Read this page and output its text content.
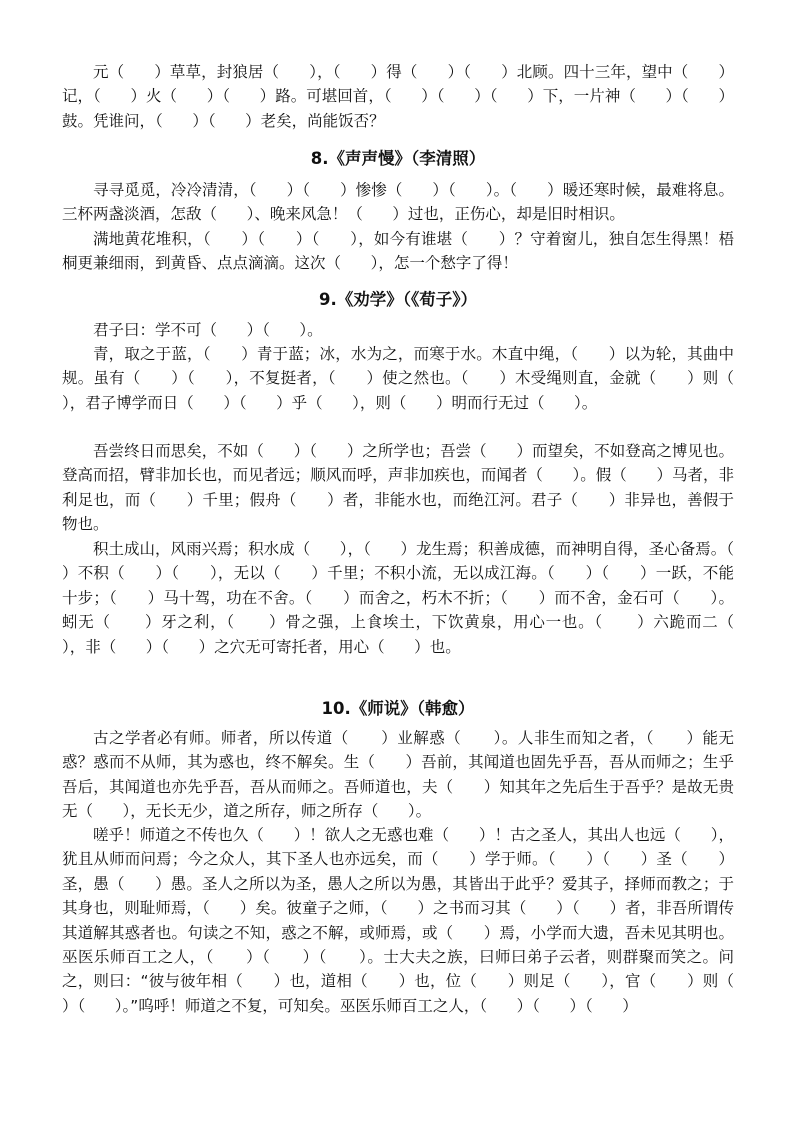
元（      ）草草，封狼居（      ），（      ）得（      ）（      ）北顾。四十三年，望中（      ）记，（      ）火（      ）（      ）路。可堪回首，（      ）（      ）（      ）下，一片神（      ）（      ）鼓。凭谁问，（      ）（      ）老矣，尚能饭否？
8.《声声慢》（李清照）
寻寻觅觅，冷冷清清，（      ）（      ）惨惨（      ）（      ）。（      ）暖还寒时候，最难将息。三杯两盏淡酒，怎敌（      ）、晚来风急！（      ）过也，正伤心，却是旧时相识。
满地黄花堆积，（      ）（      ）（      ），如今有谁堪（      ）？守着窗儿，独自怎生得黑！梧桐更兼细雨，到黄昏、点点滴滴。这次（      ），怎一个愁字了得！
9.《劝学》（《荀子》）
君子曰：学不可（      ）（      ）。
青，取之于蓝，（      ）青于蓝；冰，水为之，而寒于水。木直中绳，（      ）以为轮，其曲中规。虽有（      ）（      ），不复挺者，（      ）使之然也。（      ）木受绳则直，金就（      ）则（      ），君子博学而日（      ）（      ）乎（      ），则（      ）明而行无过（      ）。
吾尝终日而思矣，不如（      ）（      ）之所学也；吾尝（      ）而望矣，不如登高之博见也。登高而招，臂非加长也，而见者远；顺风而呼，声非加疾也，而闻者（      ）。假（      ）马者，非利足也，而（      ）千里；假舟（      ）者，非能水也，而绝江河。君子（      ）非异也，善假于物也。
积土成山，风雨兴焉；积水成（      ），（      ）龙生焉；积善成德，而神明自得，圣心备焉。（      ）不积（      ）（      ），无以（      ）千里；不积小流，无以成江海。（      ）（      ）一跃，不能十步；（      ）马十驾，功在不舍。（      ）而舍之，朽木不折；（      ）而不舍，金石可（      ）。蚓无（      ）牙之利，（      ）骨之强，上食埃土，下饮黄泉，用心一也。（      ）六跪而二（      ），非（      ）（      ）之穴无可寄托者，用心（      ）也。
10.《师说》（韩愈）
古之学者必有师。师者，所以传道（      ）业解惑（      ）。人非生而知之者，（      ）能无惑？惑而不从师，其为惑也，终不解矣。生（      ）吾前，其闻道也固先乎吾，吾从而师之；生乎吾后，其闻道也亦先乎吾，吾从而师之。吾师道也，夫（      ）知其年之先后生于吾乎？是故无贵无（      ），无长无少，道之所存，师之所存（      ）。
嗟乎！师道之不传也久（      ）！欲人之无惑也难（      ）！古之圣人，其出人也远（      ），犹且从师而问焉；今之众人，其下圣人也亦远矣，而（      ）学于师。（      ）（      ）圣（      ）圣，愚（      ）愚。圣人之所以为圣，愚人之所以为愚，其皆出于此乎？爱其子，择师而教之；于其身也，则耻师焉，（      ）矣。彼童子之师，（      ）之书而习其（      ）（      ）者，非吾所谓传其道解其惑者也。句读之不知，惑之不解，或师焉，或（      ）焉，小学而大遗，吾未见其明也。巫医乐师百工之人，（      ）（      ）（      ）。士大夫之族，曰师曰弟子云者，则群聚而笑之。问之，则曰：“彼与彼年相（      ）也，道相（      ）也，位（      ）则足（      ），官（      ）则（      ）（      ）。”呜呼！师道之不复，可知矣。巫医乐师百工之人，（      ）（      ）（      ）
